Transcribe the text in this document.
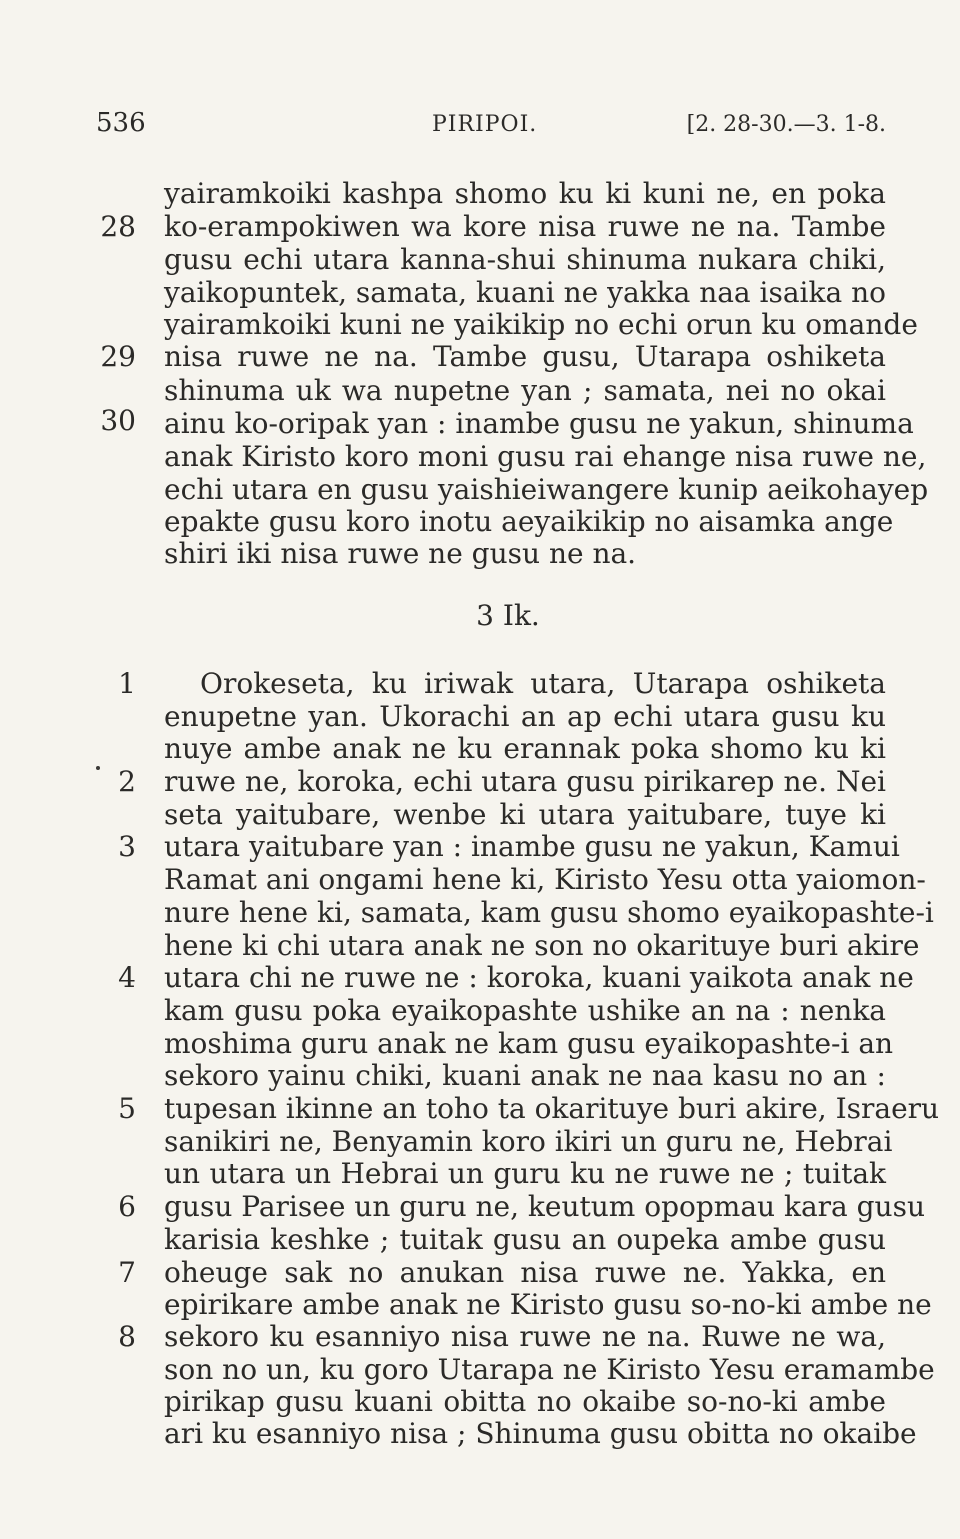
536	PIRIPOI.	[2. 28-30.—3. 1-8.
yairamkoiki kashpa shomo ku ki kuni ne, en poka
ko-erampokiwen wa kore nisa ruwe ne na. Tambe
gusu echi utara kanna-shui shinuma nukara chiki,
yaikopuntek, samata, kuani ne yakka naa isaika no
yairamkoiki kuni ne yaikikip no echi orun ku omande
nisa ruwe ne na. Tambe gusu, Utarapa oshiketa
shinuma uk wa nupetne yan ; samata, nei no okai
ainu ko-oripak yan : inambe gusu ne yakun, shinuma
anak Kiristo koro moni gusu rai ehange nisa ruwe ne,
echi utara en gusu yaishieiwangere kunip aeikohayep
epakte gusu koro inotu aeyaikikip no aisamka ange
shiri iki nisa ruwe ne gusu ne na.
28
29
30
3 Ik.
Orokeseta, ku iriwak utara, Utarapa oshiketa
enupetne yan. Ukorachi an ap echi utara gusu ku
nuye ambe anak ne ku erannak poka shomo ku ki
ruwe ne, koroka, echi utara gusu pirikarep ne. Nei
seta yaitubare, wenbe ki utara yaitubare, tuye ki
utara yaitubare yan : inambe gusu ne yakun, Kamui
Ramat ani ongami hene ki, Kiristo Yesu otta yaiomon-
nure hene ki, samata, kam gusu shomo eyaikopashte-i
hene ki chi utara anak ne son no okarituye buri akire
utara chi ne ruwe ne : koroka, kuani yaikota anak ne
kam gusu poka eyaikopashte ushike an na : nenka
moshima guru anak ne kam gusu eyaikopashte-i an
sekoro yainu chiki, kuani anak ne naa kasu no an :
tupesan ikinne an toho ta okarituye buri akire, Israeru
sanikiri ne, Benyamin koro ikiri un guru ne, Hebrai
un utara un Hebrai un guru ku ne ruwe ne ; tuitak
gusu Parisee un guru ne, keutum opopmau kara gusu
karisia keshke ; tuitak gusu an oupeka ambe gusu
oheuge sak no anukan nisa ruwe ne. Yakka, en
epirikare ambe anak ne Kiristo gusu so-no-ki ambe ne
sekoro ku esanniyo nisa ruwe ne na. Ruwe ne wa,
son no un, ku goro Utarapa ne Kiristo Yesu eramambe
pirikap gusu kuani obitta no okaibe so-no-ki ambe
ari ku esanniyo nisa ; Shinuma gusu obitta no okaibe
1
2
3
4
5
6
7
8
